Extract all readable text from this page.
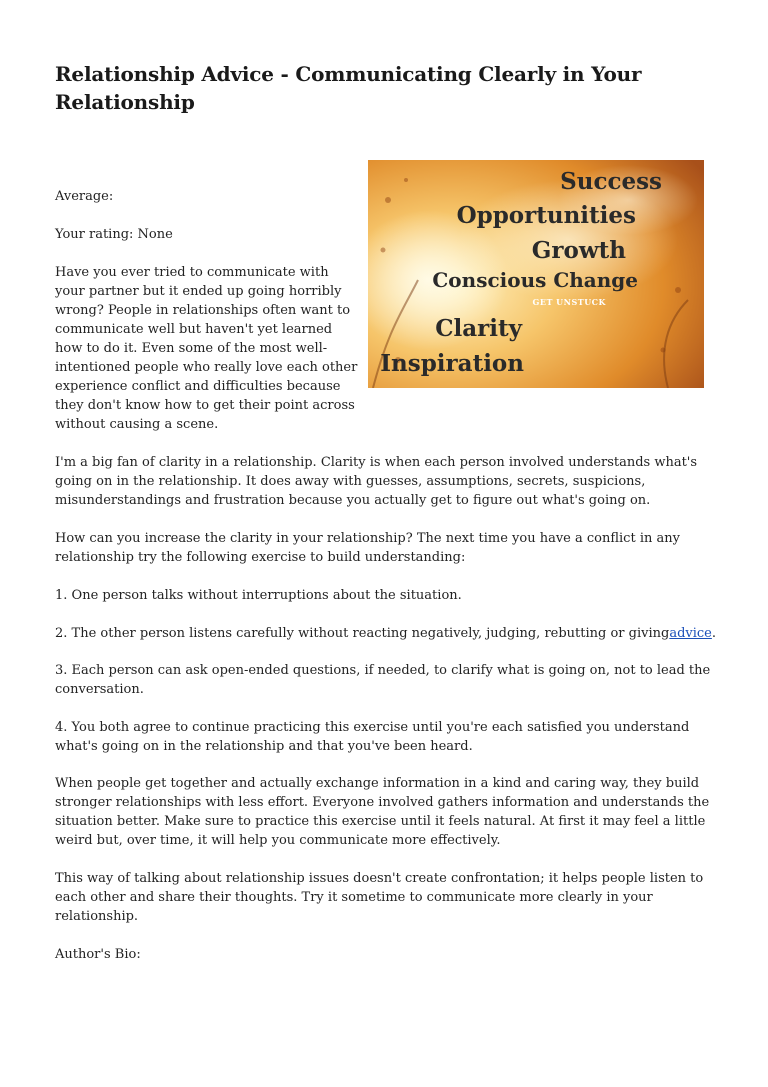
Relationship Advice - Communicating Clearly in Your Relationship
Average:
Your rating: None

Have you ever tried to communicate with your partner but it ended up going horribly wrong? People in relationships often want to communicate well but haven't yet learned how to do it. Even some of the most well-intentioned people who really love each other experience conflict and difficulties because they don't know how to get their point across without causing a scene.

Success
Opportunities
Growth
Conscious Change
GET UNSTUCK
Clarity
Inspiration

I'm a big fan of clarity in a relationship. Clarity is when each person involved understands what's going on in the relationship. It does away with guesses, assumptions, secrets, suspicions, misunderstandings and frustration because you actually get to figure out what's going on.

How can you increase the clarity in your relationship? The next time you have a conflict in any relationship try the following exercise to build understanding:

1. One person talks without interruptions about the situation.

2. The other person listens carefully without reacting negatively, judging, rebutting or givingadvice.

3. Each person can ask open-ended questions, if needed, to clarify what is going on, not to lead the conversation.

4. You both agree to continue practicing this exercise until you're each satisfied you understand what's going on in the relationship and that you've been heard.

When people get together and actually exchange information in a kind and caring way, they build stronger relationships with less effort. Everyone involved gathers information and understands the situation better. Make sure to practice this exercise until it feels natural. At first it may feel a little weird but, over time, it will help you communicate more effectively.

This way of talking about relationship issues doesn't create confrontation; it helps people listen to each other and share their thoughts. Try it sometime to communicate more clearly in your relationship.

Author's Bio:
